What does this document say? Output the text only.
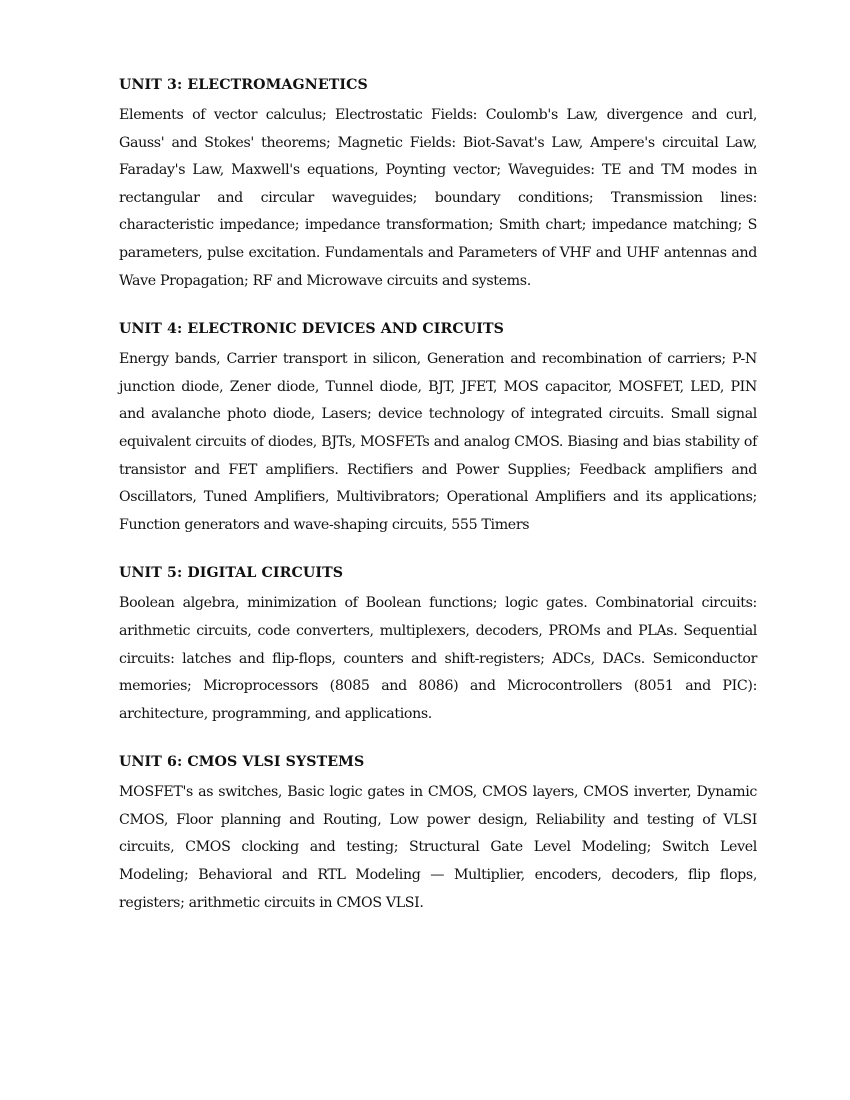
UNIT 3: ELECTROMAGNETICS

Elements of vector calculus; Electrostatic Fields: Coulomb's Law, divergence and curl, Gauss' and Stokes' theorems; Magnetic Fields: Biot-Savat's Law, Ampere's circuital Law, Faraday's Law, Maxwell's equations, Poynting vector; Waveguides: TE and TM modes in rectangular and circular waveguides; boundary conditions; Transmission lines: characteristic impedance; impedance transformation; Smith chart; impedance matching; S parameters, pulse excitation. Fundamentals and Parameters of VHF and UHF antennas and Wave Propagation; RF and Microwave circuits and systems.

UNIT 4: ELECTRONIC DEVICES AND CIRCUITS

Energy bands, Carrier transport in silicon, Generation and recombination of carriers; P-N junction diode, Zener diode, Tunnel diode, BJT, JFET, MOS capacitor, MOSFET, LED, PIN and avalanche photo diode, Lasers; device technology of integrated circuits. Small signal equivalent circuits of diodes, BJTs, MOSFETs and analog CMOS. Biasing and bias stability of transistor and FET amplifiers. Rectifiers and Power Supplies; Feedback amplifiers and Oscillators, Tuned Amplifiers, Multivibrators; Operational Amplifiers and its applications; Function generators and wave-shaping circuits, 555 Timers

UNIT 5: DIGITAL CIRCUITS

Boolean algebra, minimization of Boolean functions; logic gates. Combinatorial circuits: arithmetic circuits, code converters, multiplexers, decoders, PROMs and PLAs. Sequential circuits: latches and flip-flops, counters and shift-registers; ADCs, DACs. Semiconductor memories; Microprocessors (8085 and 8086) and Microcontrollers (8051 and PIC): architecture, programming, and applications.

UNIT 6: CMOS VLSI SYSTEMS

MOSFET's as switches, Basic logic gates in CMOS, CMOS layers, CMOS inverter, Dynamic CMOS, Floor planning and Routing, Low power design, Reliability and testing of VLSI circuits, CMOS clocking and testing; Structural Gate Level Modeling; Switch Level Modeling; Behavioral and RTL Modeling — Multiplier, encoders, decoders, flip flops, registers; arithmetic circuits in CMOS VLSI.
